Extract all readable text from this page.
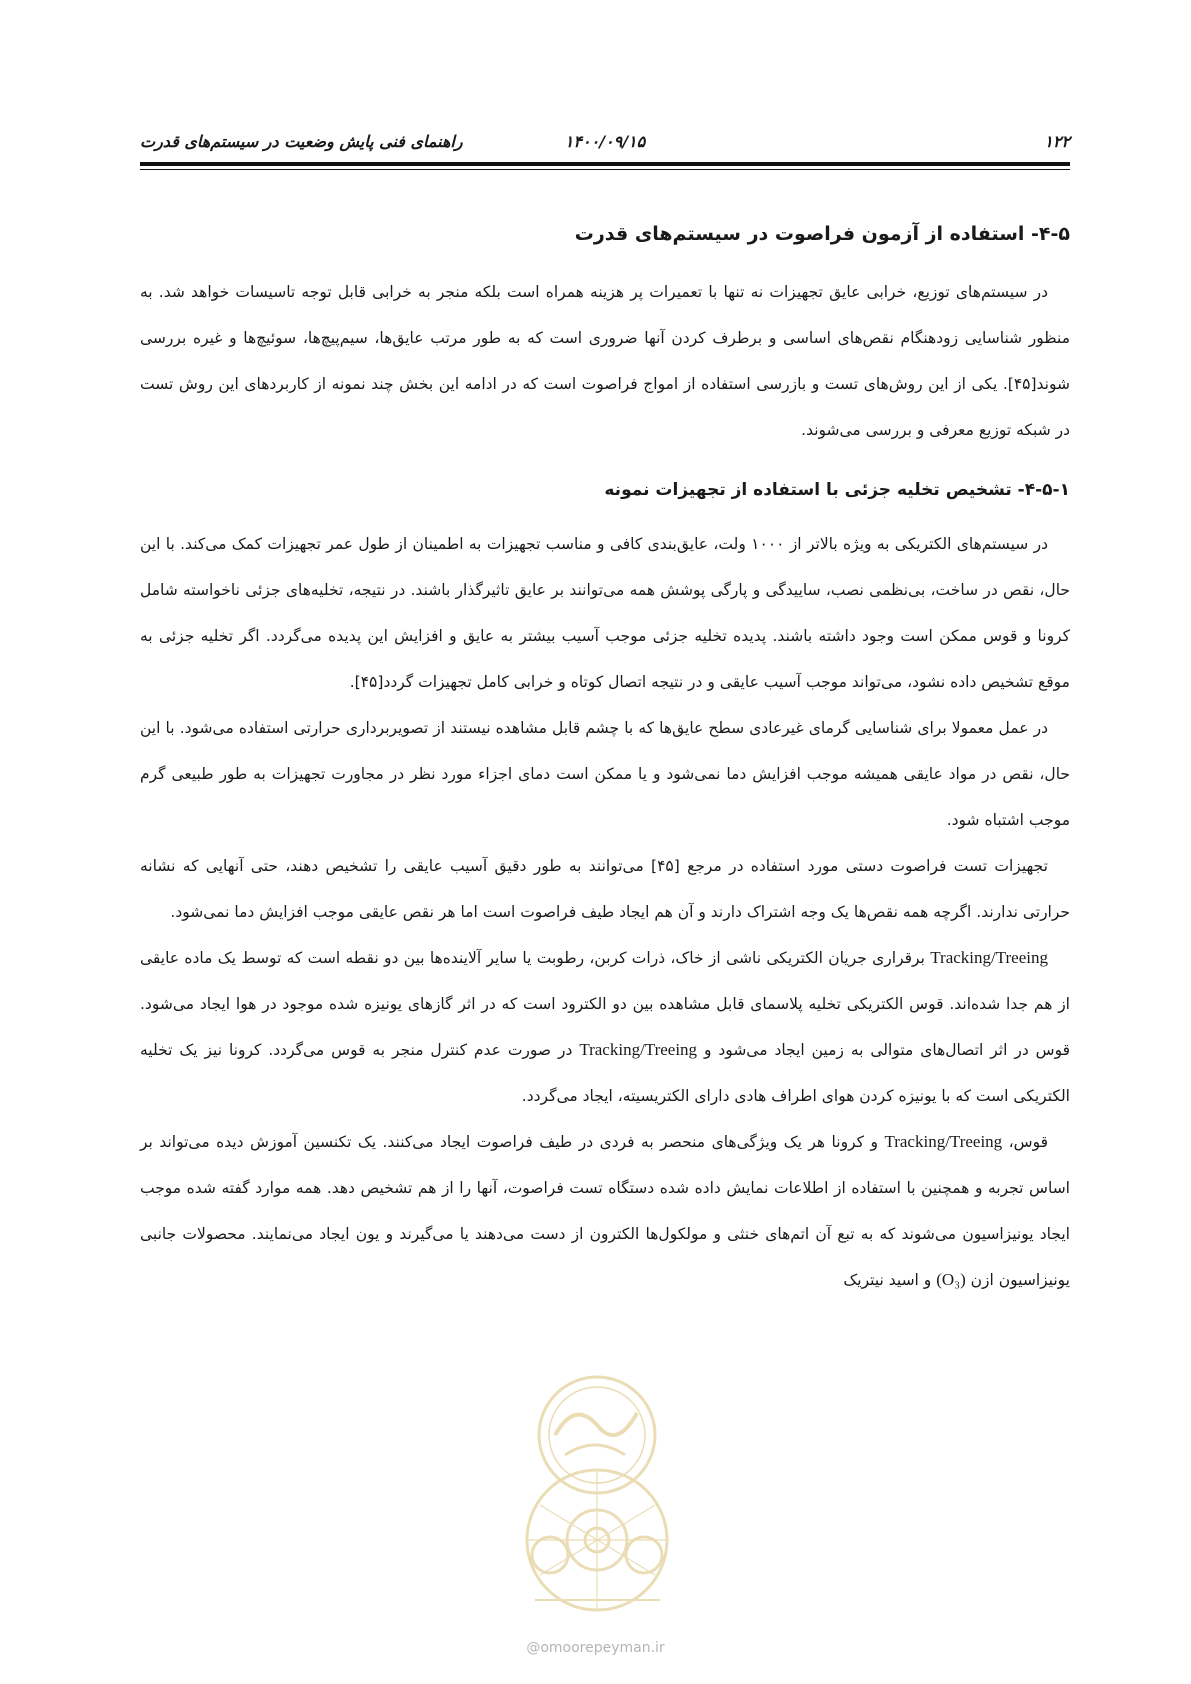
۱۲۲
۱۴۰۰/۰۹/۱۵
راهنمای فنی پایش وضعیت در سیستم‌های قدرت
۴-۵- استفاده از آزمون فراصوت در سیستم‌های قدرت

در سیستم‌های توزیع، خرابی عایق تجهیزات نه تنها با تعمیرات پر هزینه همراه است بلکه منجر به خرابی قابل توجه تاسیسات خواهد شد. به منظور شناسایی زودهنگام نقص‌های اساسی و برطرف کردن آنها ضروری است که به طور مرتب عایق‌ها، سیم‌پیچ‌ها، سوئیچ‌ها و غیره بررسی شوند[۴۵]. یکی از این روش‌های تست و بازرسی استفاده از امواج فراصوت است که در ادامه این بخش چند نمونه از کاربردهای این روش تست در شبکه توزیع معرفی و بررسی می‌شوند.

۴-۵-۱- تشخیص تخلیه جزئی با استفاده از تجهیزات نمونه

در سیستم‌های الکتریکی به ویژه بالاتر از ۱۰۰۰ ولت، عایق‌بندی کافی و مناسب تجهیزات به اطمینان از طول عمر تجهیزات کمک می‌کند. با این حال، نقص در ساخت، بی‌نظمی نصب، ساییدگی و پارگی پوشش همه می‌توانند بر عایق تاثیرگذار باشند. در نتیجه، تخلیه‌های جزئی ناخواسته شامل کرونا و قوس ممکن است وجود داشته باشند. پدیده تخلیه جزئی موجب آسیب بیشتر به عایق و افزایش این پدیده می‌گردد. اگر تخلیه جزئی به موقع تشخیص داده نشود، می‌تواند موجب آسیب عایقی و در نتیجه اتصال کوتاه و خرابی کامل تجهیزات گردد[۴۵].

در عمل معمولا برای شناسایی گرمای غیرعادی سطح عایق‌ها که با چشم قابل مشاهده نیستند از تصویربرداری حرارتی استفاده می‌شود. با این حال، نقص در مواد عایقی همیشه موجب افزایش دما نمی‌شود و یا ممکن است دمای اجزاء مورد نظر در مجاورت تجهیزات به طور طبیعی گرم موجب اشتباه شود.

تجهیزات تست فراصوت دستی مورد استفاده در مرجع [۴۵] می‌توانند به طور دقیق آسیب عایقی را تشخیص دهند، حتی آنهایی که نشانه حرارتی ندارند. اگرچه همه نقص‌ها یک وجه اشتراک دارند و آن هم ایجاد طیف فراصوت است اما هر نقص عایقی موجب افزایش دما نمی‌شود.

Tracking/Treeing برقراری جریان الکتریکی ناشی از خاک، ذرات کربن، رطوبت یا سایر آلاینده‌ها بین دو نقطه است که توسط یک ماده عایقی از هم جدا شده‌اند. قوس الکتریکی تخلیه پلاسمای قابل مشاهده بین دو الکترود است که در اثر گازهای یونیزه شده موجود در هوا ایجاد می‌شود. قوس در اثر اتصال‌های متوالی به زمین ایجاد می‌شود و Tracking/Treeing در صورت عدم کنترل منجر به قوس می‌گردد. کرونا نیز یک تخلیه الکتریکی است که با یونیزه کردن هوای اطراف هادی دارای الکتریسیته، ایجاد می‌گردد.

قوس، Tracking/Treeing و کرونا هر یک ویژگی‌های منحصر به فردی در طیف فراصوت ایجاد می‌کنند. یک تکنسین آموزش دیده می‌تواند بر اساس تجربه و همچنین با استفاده از اطلاعات نمایش داده شده دستگاه تست فراصوت، آنها را از هم تشخیص دهد. همه موارد گفته شده موجب ایجاد یونیزاسیون می‌شوند که به تبع آن اتم‌های خنثی و مولکول‌ها الکترون از دست می‌دهند یا می‌گیرند و یون ایجاد می‌نمایند. محصولات جانبی یونیزاسیون ازن (O₃) و اسید نیتریک

@omoorepeyman.ir
